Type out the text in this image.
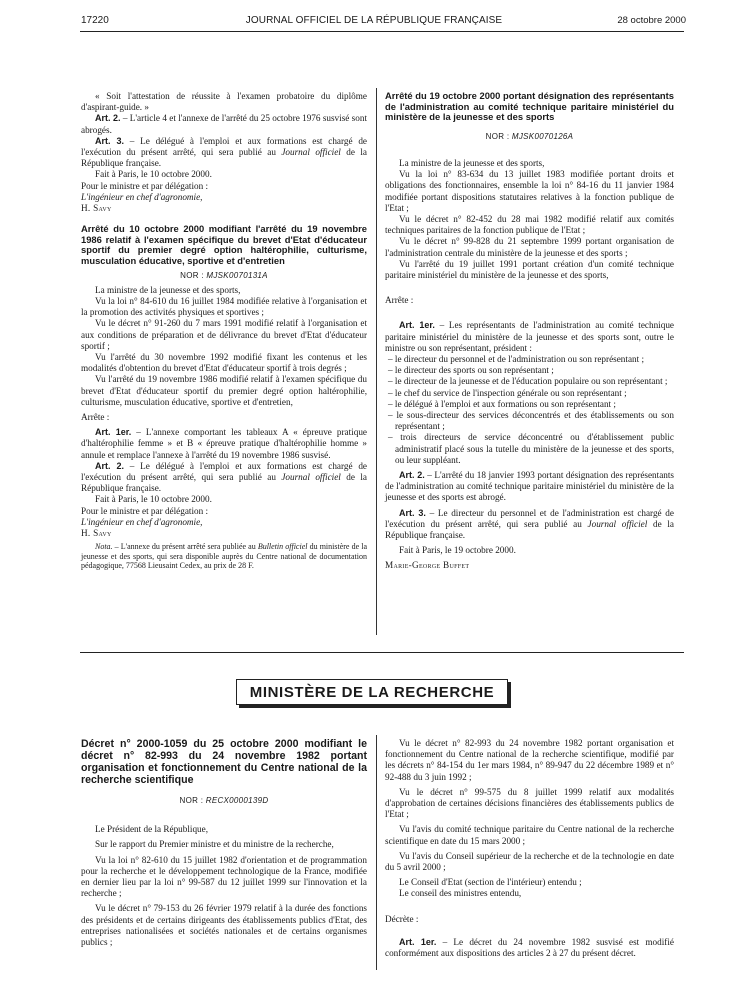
17220	JOURNAL OFFICIEL DE LA RÉPUBLIQUE FRANÇAISE	28 octobre 2000

« Soit l'attestation de réussite à l'examen probatoire du diplôme d'aspirant-guide. »

Art. 2. – L'article 4 et l'annexe de l'arrêté du 25 octobre 1976 susvisé sont abrogés.

Art. 3. – Le délégué à l'emploi et aux formations est chargé de l'exécution du présent arrêté, qui sera publié au Journal officiel de la République française.

Fait à Paris, le 10 octobre 2000.

Pour le ministre et par délégation :

L'ingénieur en chef d'agronomie,

H. Savy

Arrêté du 10 octobre 2000 modifiant l'arrêté du 19 novembre 1986 relatif à l'examen spécifique du brevet d'Etat d'éducateur sportif du premier degré option haltérophilie, culturisme, musculation éducative, sportive et d'entretien

NOR : MJSK0070131A

La ministre de la jeunesse et des sports,

Vu la loi n° 84-610 du 16 juillet 1984 modifiée relative à l'organisation et la promotion des activités physiques et sportives ;

Vu le décret n° 91-260 du 7 mars 1991 modifié relatif à l'organisation et aux conditions de préparation et de délivrance du brevet d'Etat d'éducateur sportif ;

Vu l'arrêté du 30 novembre 1992 modifié fixant les contenus et les modalités d'obtention du brevet d'Etat d'éducateur sportif à trois degrés ;

Vu l'arrêté du 19 novembre 1986 modifié relatif à l'examen spécifique du brevet d'Etat d'éducateur sportif du premier degré option haltérophilie, culturisme, musculation éducative, sportive et d'entretien,

Arrête :

Art. 1er. – L'annexe comportant les tableaux A « épreuve pratique d'haltérophilie femme » et B « épreuve pratique d'haltérophilie homme » annule et remplace l'annexe à l'arrêté du 19 novembre 1986 susvisé.

Art. 2. – Le délégué à l'emploi et aux formations est chargé de l'exécution du présent arrêté, qui sera publié au Journal officiel de la République française.

Fait à Paris, le 10 octobre 2000.

Pour le ministre et par délégation :

L'ingénieur en chef d'agronomie,

H. Savy

Nota. – L'annexe du présent arrêté sera publiée au Bulletin officiel du ministère de la jeunesse et des sports, qui sera disponible auprès du Centre national de documentation pédagogique, 77568 Lieusaint Cedex, au prix de 28 F.

Arrêté du 19 octobre 2000 portant désignation des représentants de l'administration au comité technique paritaire ministériel du ministère de la jeunesse et des sports

NOR : MJSK0070126A

La ministre de la jeunesse et des sports,

Vu la loi n° 83-634 du 13 juillet 1983 modifiée portant droits et obligations des fonctionnaires, ensemble la loi n° 84-16 du 11 janvier 1984 modifiée portant dispositions statutaires relatives à la fonction publique de l'Etat ;

Vu le décret n° 82-452 du 28 mai 1982 modifié relatif aux comités techniques paritaires de la fonction publique de l'Etat ;

Vu le décret n° 99-828 du 21 septembre 1999 portant organisation de l'administration centrale du ministère de la jeunesse et des sports ;

Vu l'arrêté du 19 juillet 1991 portant création d'un comité technique paritaire ministériel du ministère de la jeunesse et des sports,

Arrête :

Art. 1er. – Les représentants de l'administration au comité technique paritaire ministériel du ministère de la jeunesse et des sports sont, outre le ministre ou son représentant, président :

– le directeur du personnel et de l'administration ou son représentant ;

– le directeur des sports ou son représentant ;

– le directeur de la jeunesse et de l'éducation populaire ou son représentant ;

– le chef du service de l'inspection générale ou son représentant ;

– le délégué à l'emploi et aux formations ou son représentant ;

– le sous-directeur des services déconcentrés et des établissements ou son représentant ;

– trois directeurs de service déconcentré ou d'établissement public administratif placé sous la tutelle du ministère de la jeunesse et des sports, ou leur suppléant.

Art. 2. – L'arrêté du 18 janvier 1993 portant désignation des représentants de l'administration au comité technique paritaire ministériel du ministère de la jeunesse et des sports est abrogé.

Art. 3. – Le directeur du personnel et de l'administration est chargé de l'exécution du présent arrêté, qui sera publié au Journal officiel de la République française.

Fait à Paris, le 19 octobre 2000.

Marie-George Buffet

MINISTÈRE DE LA RECHERCHE

Décret n° 2000-1059 du 25 octobre 2000 modifiant le décret n° 82-993 du 24 novembre 1982 portant organisation et fonctionnement du Centre national de la recherche scientifique

NOR : RECX0000139D

Le Président de la République,

Sur le rapport du Premier ministre et du ministre de la recherche,

Vu la loi n° 82-610 du 15 juillet 1982 d'orientation et de programmation pour la recherche et le développement technologique de la France, modifiée en dernier lieu par la loi n° 99-587 du 12 juillet 1999 sur l'innovation et la recherche ;

Vu le décret n° 79-153 du 26 février 1979 relatif à la durée des fonctions des présidents et de certains dirigeants des établissements publics d'Etat, des entreprises nationalisées et sociétés nationales et de certains organismes publics ;

Vu le décret n° 82-993 du 24 novembre 1982 portant organisation et fonctionnement du Centre national de la recherche scientifique, modifié par les décrets n° 84-154 du 1er mars 1984, n° 89-947 du 22 décembre 1989 et n° 92-488 du 3 juin 1992 ;

Vu le décret n° 99-575 du 8 juillet 1999 relatif aux modalités d'approbation de certaines décisions financières des établissements publics de l'Etat ;

Vu l'avis du comité technique paritaire du Centre national de la recherche scientifique en date du 15 mars 2000 ;

Vu l'avis du Conseil supérieur de la recherche et de la technologie en date du 5 avril 2000 ;

Le Conseil d'Etat (section de l'intérieur) entendu ;

Le conseil des ministres entendu,

Décrète :

Art. 1er. – Le décret du 24 novembre 1982 susvisé est modifié conformément aux dispositions des articles 2 à 27 du présent décret.
